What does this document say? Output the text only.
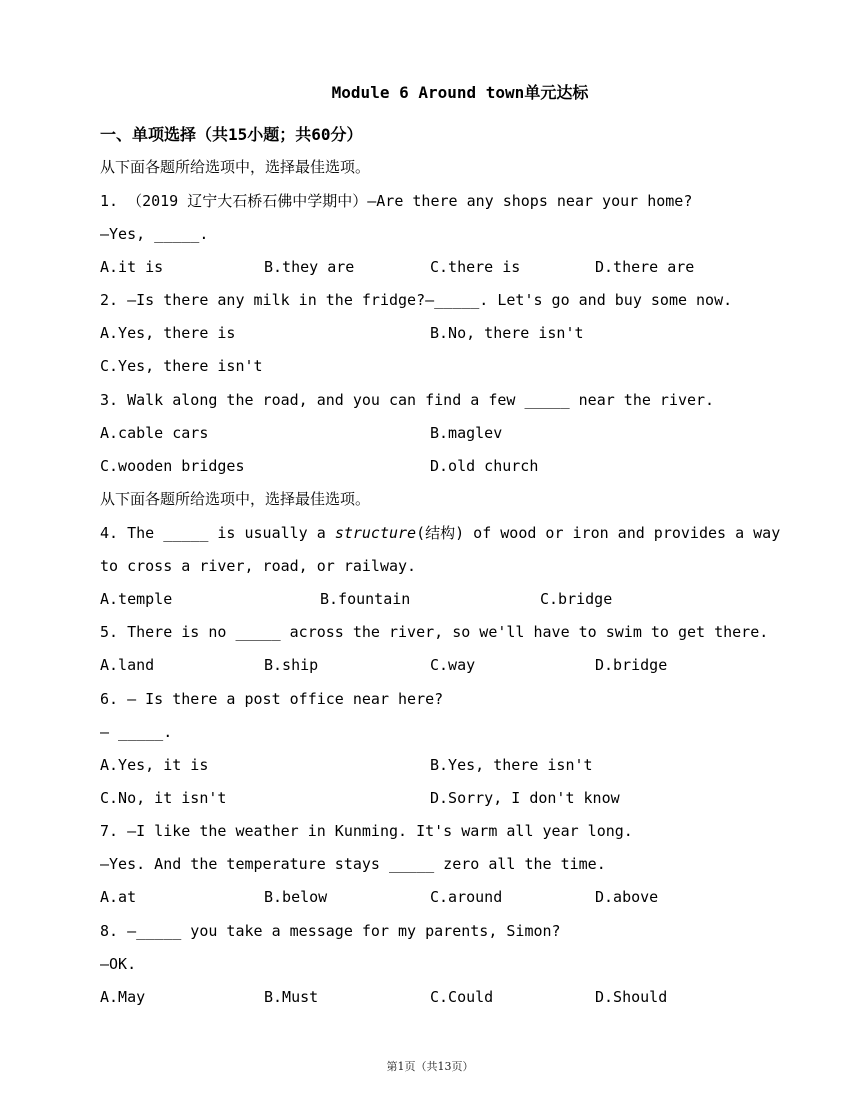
Module 6 Around town单元达标
一、单项选择（共15小题；共60分）
从下面各题所给选项中，选择最佳选项。
1. （2019 辽宁大石桥石佛中学期中）—Are there any shops near your home?
—Yes, _____.
A.it is	B.they are	C.there is	D.there are
2. —Is there any milk in the fridge?—_____. Let's go and buy some now.
A.Yes, there is	B.No, there isn't
C.Yes, there isn't
3. Walk along the road, and you can find a few _____ near the river.
A.cable cars	B.maglev
C.wooden bridges	D.old church
从下面各题所给选项中，选择最佳选项。
4. The _____ is usually a structure(结构) of wood or iron and provides a way
to cross a river, road, or railway.
A.temple	B.fountain	C.bridge
5. There is no _____ across the river, so we'll have to swim to get there.
A.land	B.ship	C.way	D.bridge
6. — Is there a post office near here?
— _____.
A.Yes, it is	B.Yes, there isn't
C.No, it isn't	D.Sorry, I don't know
7. —I like the weather in Kunming. It's warm all year long.
—Yes. And the temperature stays _____ zero all the time.
A.at	B.below	C.around	D.above
8. —_____ you take a message for my parents, Simon?
—OK.
A.May	B.Must	C.Could	D.Should
第1页（共13页）
